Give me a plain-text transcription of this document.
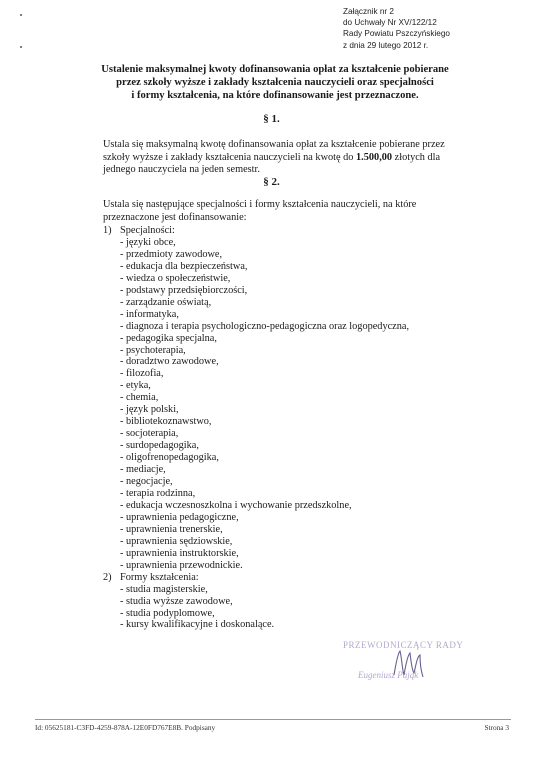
Załącznik nr 2
do Uchwały Nr XV/122/12
Rady Powiatu Pszczyńskiego
z dnia 29 lutego 2012 r.
Ustalenie maksymalnej kwoty dofinansowania opłat za kształcenie pobierane
przez szkoły wyższe i zakłady kształcenia nauczycieli oraz specjalności
i formy kształcenia, na które dofinansowanie jest przeznaczone.
§ 1.
Ustala się maksymalną kwotę dofinansowania opłat za kształcenie pobierane przez szkoły wyższe i zakłady kształcenia nauczycieli na kwotę do 1.500,00 złotych dla jednego nauczyciela na jeden semestr.
§ 2.
Ustala się następujące specjalności i formy kształcenia nauczycieli, na które przeznaczone jest dofinansowanie:
1) Specjalności:
- języki obce,
- przedmioty zawodowe,
- edukacja dla bezpieczeństwa,
- wiedza o społeczeństwie,
- podstawy przedsiębiorczości,
- zarządzanie oświatą,
- informatyka,
- diagnoza i terapia psychologiczno-pedagogiczna oraz logopedyczna,
- pedagogika specjalna,
- psychoterapia,
- doradztwo zawodowe,
- filozofia,
- etyka,
- chemia,
- język polski,
- bibliotekoznawstwo,
- socjoterapia,
- surdopedagogika,
- oligofrenopedagogika,
- mediacje,
- negocjacje,
- terapia rodzinna,
- edukacja wczesnoszkolna i wychowanie przedszkolne,
- uprawnienia pedagogiczne,
- uprawnienia trenerskie,
- uprawnienia sędziowskie,
- uprawnienia instruktorskie,
- uprawnienia przewodnickie.
2) Formy kształcenia:
- studia magisterskie,
- studia wyższe zawodowe,
- studia podyplomowe,
- kursy kwalifikacyjne i doskonalące.
PRZEWODNICZĄCY RADY
Eugeniusz Pająk
Id: 05625181-C3FD-4259-878A-12E0FD767E8B. Podpisany	Strona 3
